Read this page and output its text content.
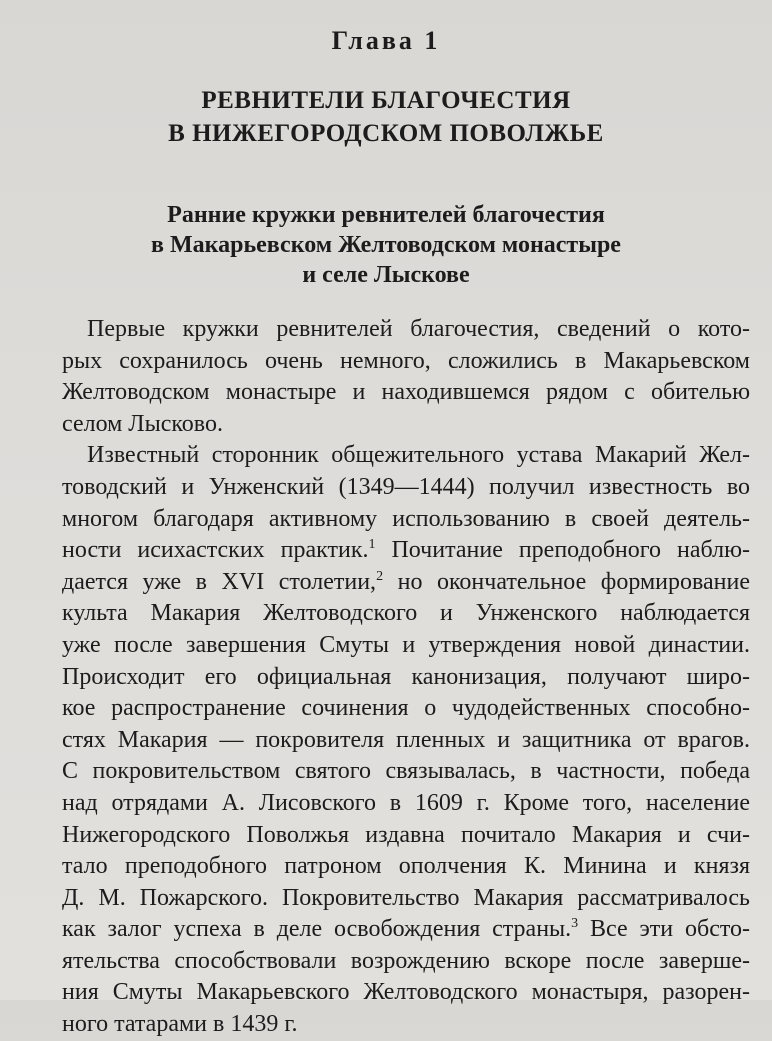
Глава 1
РЕВНИТЕЛИ БЛАГОЧЕСТИЯ
В НИЖЕГОРОДСКОМ ПОВОЛЖЬЕ
Ранние кружки ревнителей благочестия
в Макарьевском Желтоводском монастыре
и селе Лыскове
Первые кружки ревнителей благочестия, сведений о кото-
рых сохранилось очень немного, сложились в Макарьевском
Желтоводском монастыре и находившемся рядом с обителью
селом Лысково.
Известный сторонник общежительного устава Макарий Жел-
товодский и Унженский (1349—1444) получил известность во
многом благодаря активному использованию в своей деятель-
ности исихастских практик.$^1$ Почитание преподобного наблю-
дается уже в XVI столетии,$^2$ но окончательное формирование
культа Макария Желтоводского и Унженского наблюдается
уже после завершения Смуты и утверждения новой династии.
Происходит его официальная канонизация, получают широ-
кое распространение сочинения о чудодейственных способно-
стях Макария — покровителя пленных и защитника от врагов.
С покровительством святого связывалась, в частности, победа
над отрядами А. Лисовского в 1609 г. Кроме того, население
Нижегородского Поволжья издавна почитало Макария и счи-
тало преподобного патроном ополчения К. Минина и князя
Д. М. Пожарского. Покровительство Макария рассматривалось
как залог успеха в деле освобождения страны.$^3$ Все эти обсто-
ятельства способствовали возрождению вскоре после заверше-
ния Смуты Макарьевского Желтоводского монастыря, разорен-
ного татарами в 1439 г.
